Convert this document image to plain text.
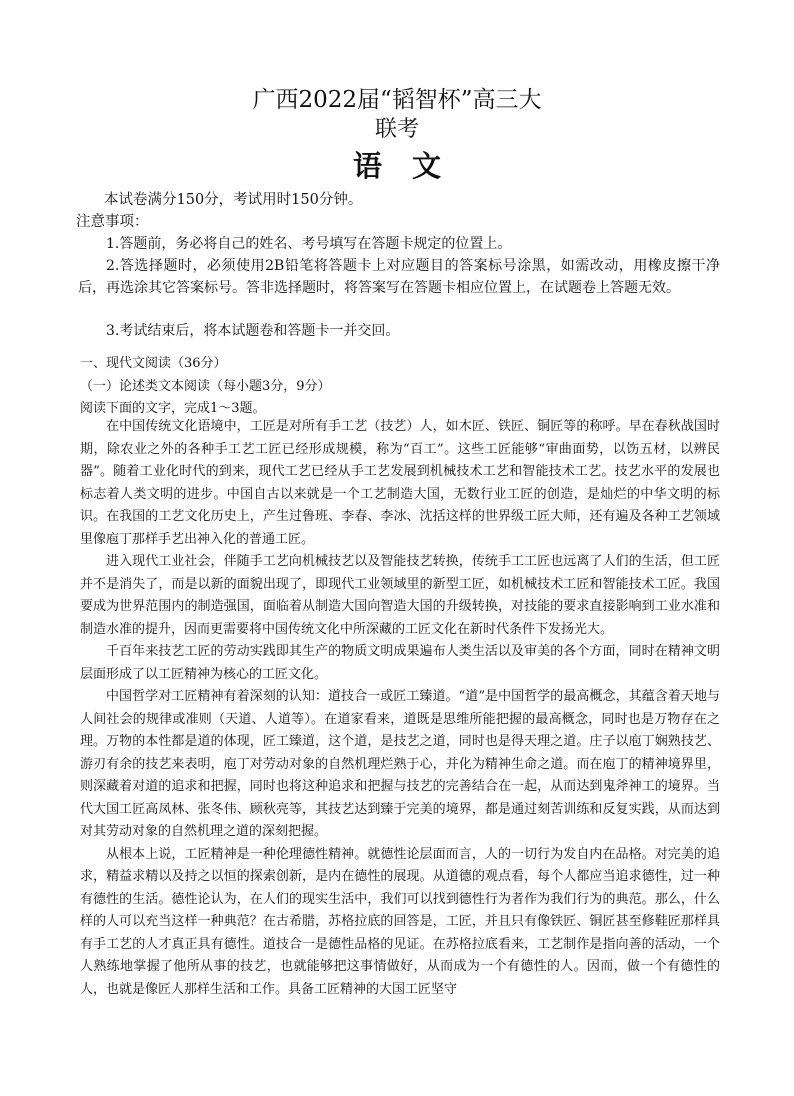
广西2022届“韬智杯”高三大
联考
语文
本试卷满分150分，考试用时150分钟。
注意事项：
1.答题前，务必将自己的姓名、考号填写在答题卡规定的位置上。
2.答选择题时，必须使用2B铅笔将答题卡上对应题目的答案标号涂黑，如需改动，用橡皮擦干净后，再选涂其它答案标号。答非选择题时，将答案写在答题卡相应位置上，在试题卷上答题无效。
3.考试结束后，将本试题卷和答题卡一并交回。
一、现代文阅读（36分）
（一）论述类文本阅读（每小题3分，9分）
阅读下面的文字，完成1～3题。

在中国传统文化语境中，工匠是对所有手工艺（技艺）人，如木匠、铁匠、铜匠等的称呼。早在春秋战国时期，除农业之外的各种手工艺工匠已经形成规模，称为“百工”。这些工匠能够“审曲面势，以饬五材，以辨民器”。随着工业化时代的到来，现代工艺已经从手工艺发展到机械技术工艺和智能技术工艺。技艺水平的发展也标志着人类文明的进步。中国自古以来就是一个工艺制造大国，无数行业工匠的创造，是灿烂的中华文明的标识。在我国的工艺文化历史上，产生过鲁班、李春、李冰、沈括这样的世界级工匠大师，还有遍及各种工艺领域里像庖丁那样手艺出神入化的普通工匠。

进入现代工业社会，伴随手工艺向机械技艺以及智能技艺转换，传统手工工匠也远离了人们的生活，但工匠并不是消失了，而是以新的面貌出现了，即现代工业领域里的新型工匠，如机械技术工匠和智能技术工匠。我国要成为世界范围内的制造强国，面临着从制造大国向智造大国的升级转换，对技能的要求直接影响到工业水准和制造水准的提升，因而更需要将中国传统文化中所深藏的工匠文化在新时代条件下发扬光大。

千百年来技艺工匠的劳动实践即其生产的物质文明成果遍布人类生活以及审美的各个方面，同时在精神文明层面形成了以工匠精神为核心的工匠文化。

中国哲学对工匠精神有着深刻的认知：道技合一或匠工臻道。“道”是中国哲学的最高概念，其蕴含着天地与人间社会的规律或准则（天道、人道等）。在道家看来，道既是思维所能把握的最高概念，同时也是万物存在之理。万物的本性都是道的体现，匠工臻道，这个道，是技艺之道，同时也是得天理之道。庄子以庖丁娴熟技艺、游刃有余的技艺来表明，庖丁对劳动对象的自然机理烂熟于心，并化为精神生命之道。而在庖丁的精神境界里，则深藏着对道的追求和把握，同时也将这种追求和把握与技艺的完善结合在一起，从而达到鬼斧神工的境界。当代大国工匠高凤林、张冬伟、顾秋亮等，其技艺达到臻于完美的境界，都是通过刻苦训练和反复实践，从而达到对其劳动对象的自然机理之道的深刻把握。

从根本上说，工匠精神是一种伦理德性精神。就德性论层面而言，人的一切行为发自内在品格。对完美的追求，精益求精以及持之以恒的探索创新，是内在德性的展现。从道德的观点看，每个人都应当追求德性，过一种有德性的生活。德性论认为，在人们的现实生活中，我们可以找到德性行为者作为我们行为的典范。那么，什么样的人可以充当这样一种典范？在古希腊，苏格拉底的回答是，工匠，并且只有像铁匠、铜匠甚至修鞋匠那样具有手工艺的人才真正具有德性。道技合一是德性品格的见证。在苏格拉底看来，工艺制作是指向善的活动，一个人熟练地掌握了他所从事的技艺，也就能够把这事情做好，从而成为一个有德性的人。因而，做一个有德性的人，也就是像匠人那样生活和工作。具备工匠精神的大国工匠坚守
